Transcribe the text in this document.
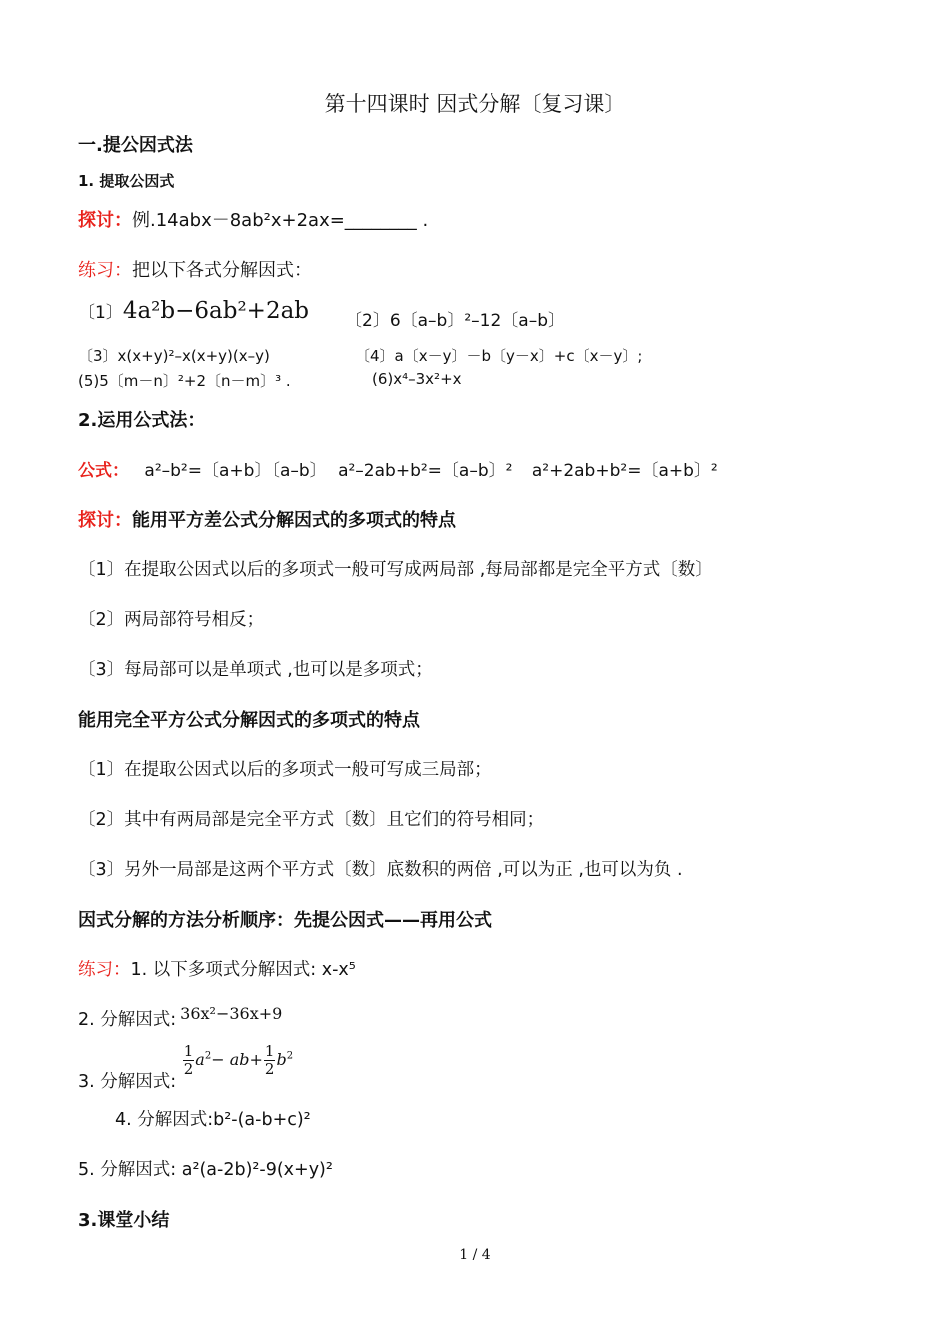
第十四课时 因式分解〔复习课〕
一.提公因式法
1. 提取公因式
探讨：例.14abx－8ab²x+2ax=________ .
练习：把以下各式分解因式：
〔1〕4a²b−6ab²+2ab 〔2〕6〔a–b〕²–12〔a–b〕
〔3〕x(x+y)²–x(x+y)(x–y)	〔4〕a〔x－y〕－b〔y－x〕+c〔x－y〕;
(5)5〔m－n〕²+2〔n－m〕³ .	(6)x⁴–3x²+x
2.运用公式法：
公式： a²–b²=〔a+b〕〔a–b〕 a²–2ab+b²=〔a–b〕² a²+2ab+b²=〔a+b〕²
探讨：能用平方差公式分解因式的多项式的特点
〔1〕在提取公因式以后的多项式一般可写成两局部 ,每局部都是完全平方式〔数〕
〔2〕两局部符号相反；
〔3〕每局部可以是单项式 ,也可以是多项式；
能用完全平方公式分解因式的多项式的特点
〔1〕在提取公因式以后的多项式一般可写成三局部；
〔2〕其中有两局部是完全平方式〔数〕且它们的符号相同；
〔3〕另外一局部是这两个平方式〔数〕底数积的两倍 ,可以为正 ,也可以为负 .
因式分解的方法分析顺序：先提公因式——再用公式
练习：1. 以下多项式分解因式: x-x⁵
2. 分解因式: 36x²−36x+9
3. 分解因式:
$\frac{1}{2} a^2- ab+ \frac{1}{2} b^2$
4. 分解因式:b²-(a-b+c)²
5. 分解因式: a²(a-2b)²-9(x+y)²
3.课堂小结
1 / 4
